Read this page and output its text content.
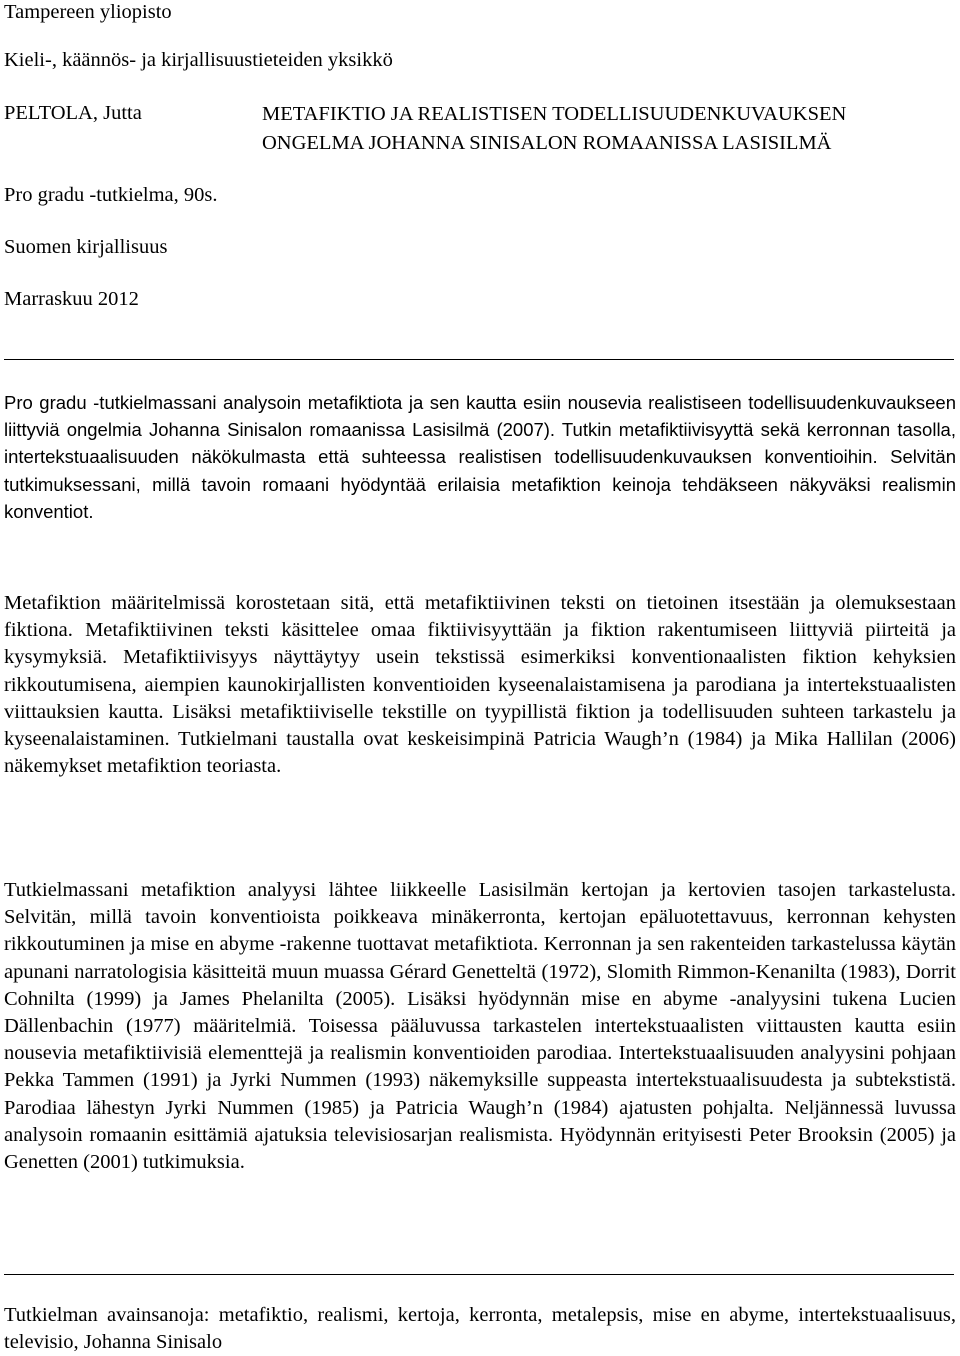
Tampereen yliopisto
Kieli-, käännös- ja kirjallisuustieteiden yksikkö
PELTOLA, Jutta	METAFIKTIO JA REALISTISEN TODELLISUUDENKUVAUKSEN
ONGELMA JOHANNA SINISALON ROMAANISSA LASISILMÄ
Pro gradu -tutkielma, 90s.
Suomen kirjallisuus
Marraskuu 2012

Pro gradu -tutkielmassani analysoin metafiktiota ja sen kautta esiin nousevia realistiseen todellisuudenkuvaukseen liittyviä ongelmia Johanna Sinisalon romaanissa Lasisilmä (2007). Tutkin metafiktiivisyyttä sekä kerronnan tasolla, intertekstuaalisuuden näkökulmasta että suhteessa realistisen todellisuudenkuvauksen konventioihin. Selvitän tutkimuksessani, millä tavoin romaani hyödyntää erilaisia metafiktion keinoja tehdäkseen näkyväksi realismin konventiot.

Metafiktion määritelmissä korostetaan sitä, että metafiktiivinen teksti on tietoinen itsestään ja olemuksestaan fiktiona. Metafiktiivinen teksti käsittelee omaa fiktiivisyyttään ja fiktion rakentumiseen liittyviä piirteitä ja kysymyksiä. Metafiktiivisyys näyttäytyy usein tekstissä esimerkiksi konventionaalisten fiktion kehyksien rikkoutumisena, aiempien kaunokirjallisten konventioiden kyseenalaistamisena ja parodiana ja intertekstuaalisten viittauksien kautta. Lisäksi metafiktiiviselle tekstille on tyypillistä fiktion ja todellisuuden suhteen tarkastelu ja kyseenalaistaminen. Tutkielmani taustalla ovat keskeisimpinä Patricia Waugh’n (1984) ja Mika Hallilan (2006) näkemykset metafiktion teoriasta.

Tutkielmassani metafiktion analyysi lähtee liikkeelle Lasisilmän kertojan ja kertovien tasojen tarkastelusta. Selvitän, millä tavoin konventioista poikkeava minäkerronta, kertojan epäluotettavuus, kerronnan kehysten rikkoutuminen ja mise en abyme -rakenne tuottavat metafiktiota. Kerronnan ja sen rakenteiden tarkastelussa käytän apunani narratologisia käsitteitä muun muassa Gérard Genetteltä (1972), Slomith Rimmon-Kenanilta (1983), Dorrit Cohnilta (1999) ja James Phelanilta (2005). Lisäksi hyödynnän mise en abyme -analyysini tukena Lucien Dällenbachin (1977) määritelmiä. Toisessa pääluvussa tarkastelen intertekstuaalisten viittausten kautta esiin nousevia metafiktiivisiä elementtejä ja realismin konventioiden parodiaa. Intertekstuaalisuuden analyysini pohjaan Pekka Tammen (1991) ja Jyrki Nummen (1993) näkemyksille suppeasta intertekstuaalisuudesta ja subtekstistä. Parodiaa lähestyn Jyrki Nummen (1985) ja Patricia Waugh’n (1984) ajatusten pohjalta. Neljännessä luvussa analysoin romaanin esittämiä ajatuksia televisiosarjan realismista. Hyödynnän erityisesti Peter Brooksin (2005) ja Genetten (2001) tutkimuksia.

Tutkielman avainsanoja: metafiktio, realismi, kertoja, kerronta, metalepsis, mise en abyme, intertekstuaalisuus, televisio, Johanna Sinisalo
